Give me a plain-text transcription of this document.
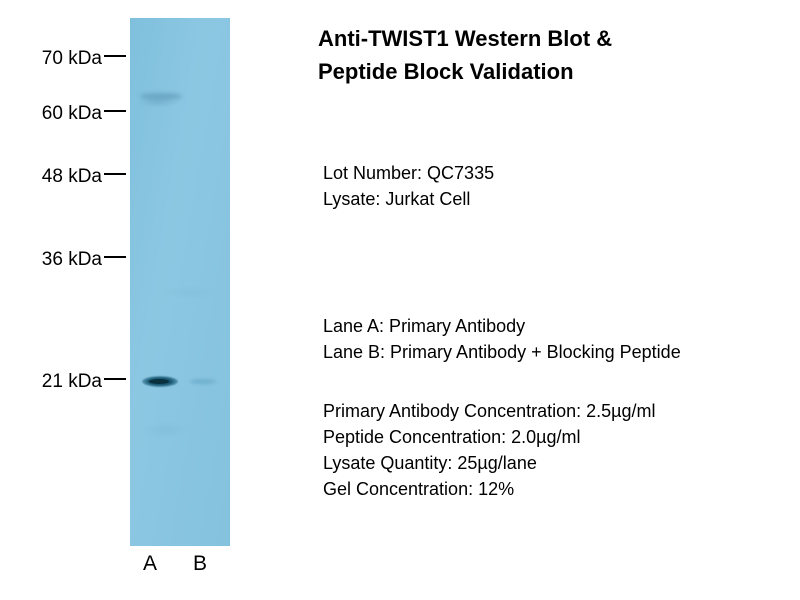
70 kDa
60 kDa
48 kDa
36 kDa
21 kDa
A B
Anti-TWIST1 Western Blot &
Peptide Block Validation
Lot Number: QC7335
Lysate: Jurkat Cell
Lane A: Primary Antibody
Lane B: Primary Antibody + Blocking Peptide
Primary Antibody Concentration: 2.5µg/ml
Peptide Concentration: 2.0µg/ml
Lysate Quantity: 25µg/lane
Gel Concentration: 12%
